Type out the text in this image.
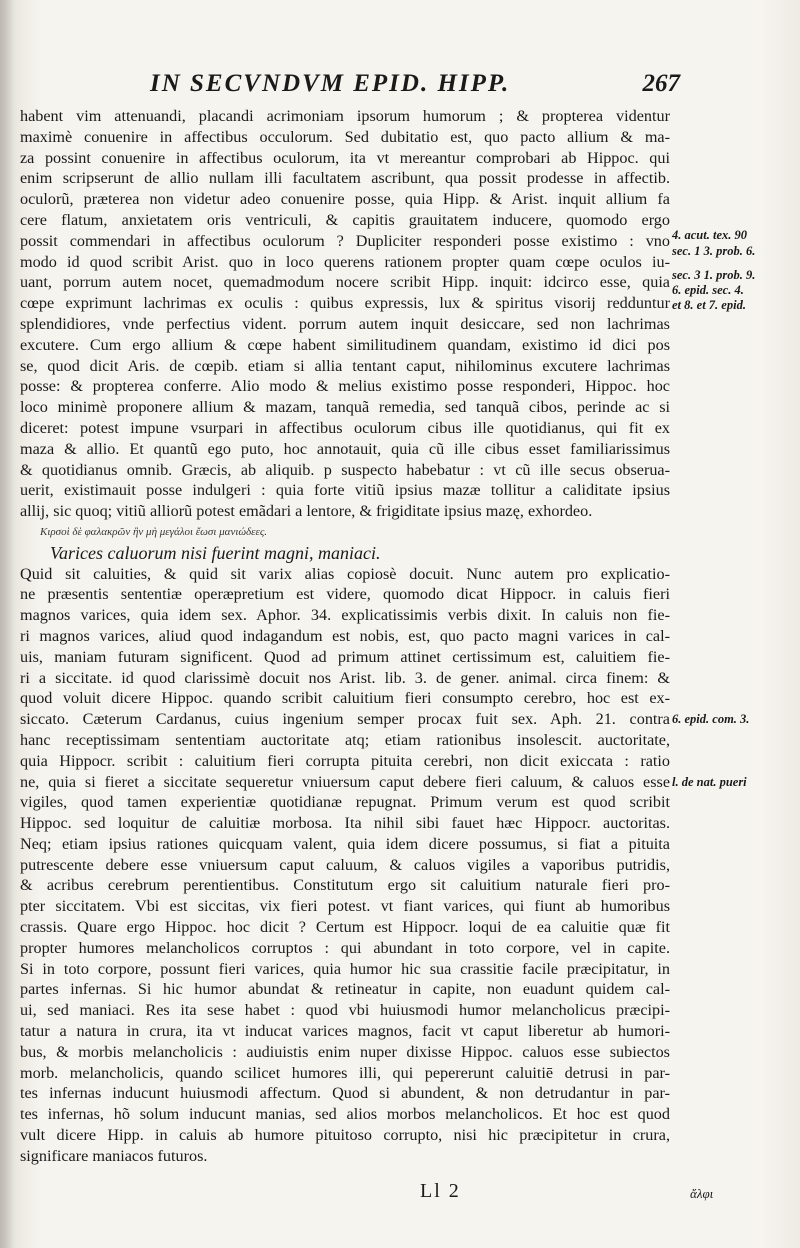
IN SECVNDVM EPID. HIPP.	267
habent vim attenuandi, placandi acrimoniam ipsorum humorum ; & propterea videntur
maximè conuenire in affectibus occulorum. Sed dubitatio est, quo pacto allium & ma-
za possint conuenire in affectibus oculorum, ita vt mereantur comprobari ab Hippoc. qui
enim scripserunt de allio nullam illi facultatem ascribunt, qua possit prodesse in affectib.
oculorũ, præterea non videtur adeo conuenire posse, quia Hipp. & Arist. inquit allium fa
cere flatum, anxietatem oris ventriculi, & capitis grauitatem inducere, quomodo ergo
possit commendari in affectibus oculorum ? Dupliciter responderi posse existimo : vno
modo id quod scribit Arist. quo in loco querens rationem propter quam cœpe oculos iu-
uant, porrum autem nocet, quemadmodum nocere scribit Hipp. inquit: idcirco esse, quia
cœpe exprimunt lachrimas ex oculis : quibus expressis, lux & spiritus visorij redduntur
splendidiores, vnde perfectius vident. porrum autem inquit desiccare, sed non lachrimas
excutere. Cum ergo allium & cœpe habent similitudinem quandam, existimo id dici pos
se, quod dicit Aris. de cœpib. etiam si allia tentant caput, nihilominus excutere lachrimas
posse: & propterea conferre. Alio modo & melius existimo posse responderi, Hippoc. hoc
loco minimè proponere allium & mazam, tanquã remedia, sed tanquã cibos, perinde ac si
diceret: potest impune vsurpari in affectibus oculorum cibus ille quotidianus, qui fit ex
maza & allio. Et quantũ ego puto, hoc annotauit, quia cũ ille cibus esset familiarissimus
& quotidianus omnib. Græcis, ab aliquib. p suspecto habebatur : vt cũ ille secus obserua-
uerit, existimauit posse indulgeri : quia forte vitiũ ipsius mazæ tollitur a caliditate ipsius
allij, sic quoq; vitiũ alliorũ potest emãdari a lentore, & frigiditate ipsius mazę, exhordeo.
Κιρσοὶ δὲ φαλακρῶν ἢν μὴ μεγάλοι ἔωσι μανιώδεες.
Varices caluorum nisi fuerint magni, maniaci.
Quid sit caluities, & quid sit varix alias copiosè docuit. Nunc autem pro explicatio-
ne præsentis sententiæ operæpretium est videre, quomodo dicat Hippocr. in caluis fieri
magnos varices, quia idem sex. Aphor. 34. explicatissimis verbis dixit. In caluis non fie-
ri magnos varices, aliud quod indagandum est nobis, est, quo pacto magni varices in cal-
uis, maniam futuram significent. Quod ad primum attinet certissimum est, caluitiem fie-
ri a siccitate. id quod clarissimè docuit nos Arist. lib. 3. de gener. animal. circa finem: &
quod voluit dicere Hippoc. quando scribit caluitium fieri consumpto cerebro, hoc est ex-
siccato. Cæterum Cardanus, cuius ingenium semper procax fuit sex. Aph. 21. contra
hanc receptissimam sententiam auctoritate atq; etiam rationibus insolescit. auctoritate,
quia Hippocr. scribit : caluitium fieri corrupta pituita cerebri, non dicit exiccata : ratio
ne, quia si fieret a siccitate sequeretur vniuersum caput debere fieri caluum, & caluos esse
vigiles, quod tamen experientiæ quotidianæ repugnat. Primum verum est quod scribit
Hippoc. sed loquitur de caluitiæ morbosa. Ita nihil sibi fauet hæc Hippocr. auctoritas.
Neq; etiam ipsius rationes quicquam valent, quia idem dicere possumus, si fiat a pituita
putrescente debere esse vniuersum caput caluum, & caluos vigiles a vaporibus putridis,
& acribus cerebrum perentientibus. Constitutum ergo sit caluitium naturale fieri pro-
pter siccitatem. Vbi est siccitas, vix fieri potest. vt fiant varices, qui fiunt ab humoribus
crassis. Quare ergo Hippoc. hoc dicit ? Certum est Hippocr. loqui de ea caluitie quæ fit
propter humores melancholicos corruptos : qui abundant in toto corpore, vel in capite.
Si in toto corpore, possunt fieri varices, quia humor hic sua crassitie facile præcipitatur, in
partes infernas. Si hic humor abundat & retineatur in capite, non euadunt quidem cal-
ui, sed maniaci. Res ita sese habet : quod vbi huiusmodi humor melancholicus præcipi-
tatur a natura in crura, ita vt inducat varices magnos, facit vt caput liberetur ab humori-
bus, & morbis melancholicis : audiuistis enim nuper dixisse Hippoc. caluos esse subiectos
morb. melancholicis, quando scilicet humores illi, qui pepererunt caluitiē detrusi in par-
tes infernas inducunt huiusmodi affectum. Quod si abundent, & non detrudantur in par-
tes infernas, hõ solum inducunt manias, sed alios morbos melancholicos. Et hoc est quod
vult dicere Hipp. in caluis ab humore pituitoso corrupto, nisi hic præcipitetur in crura,
significare maniacos futuros.
4. acut. tex. 90
sec. 1 3. prob. 6.
sec. 3 1. prob. 9.
6. epid. sec. 4.
et 8. et 7. epid.
6. epid. com. 3.
l. de nat. pueri
Ll 2	ἄλφι
